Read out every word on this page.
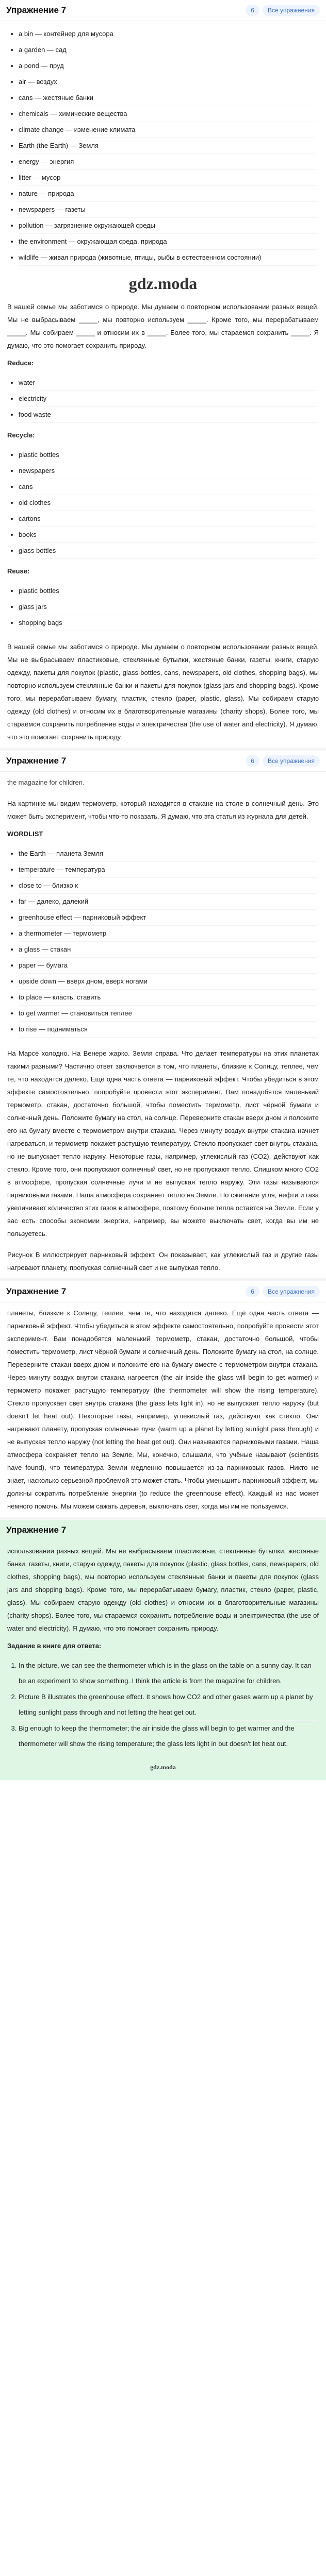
Упражнение 7	6	Все упражнения
• a bin — контейнер для мусора
• a garden — сад
• a pond — пруд
• air — воздух
• cans — жестяные банки
• chemicals — химические вещества
• climate change — изменение климата
• Earth (the Earth) — Земля
• energy — энергия
• litter — мусор
• nature — природа
• newspapers — газеты
• pollution — загрязнение окружающей среды
• the environment — окружающая среда, природа
• wildlife — живая природа (животные, птицы, рыбы в естественном состоянии)
gdz.moda
В нашей семье мы заботимся о природе. Мы думаем о повторном использовании разных вещей. Мы не выбрасываем _____, мы повторно используем _____. Кроме того, мы перерабатываем _____. Мы собираем _____ и относим их в _____. Более того, мы стараемся сохранить _____. Я думаю, что это помогает сохранить природу.
Reduce:
• water
• electricity
• food waste
Recycle:
• plastic bottles
• newspapers
• cans
• old clothes
• cartons
• books
• glass bottles
Reuse:
• plastic bottles
• glass jars
• shopping bags
В нашей семье мы заботимся о природе. Мы думаем о повторном использовании разных вещей. Мы не выбрасываем пластиковые, стеклянные бутылки, жестяные банки, газеты, книги, старую одежду, пакеты для покупок (plastic, glass bottles, cans, newspapers, old clothes, shopping bags), мы повторно используем стеклянные банки и пакеты для покупок (glass jars and shopping bags). Кроме того, мы перерабатываем бумагу, пластик, стекло (paper, plastic, glass). Мы собираем старую одежду (old clothes) и относим их в благотворительные магазины (charity shops). Более того, мы стараемся сохранить потребление воды и электричества (the use of water and electricity). Я думаю, что это помогает сохранить природу.
Упражнение 7	6	Все упражнения
the magazine for children.
На картинке мы видим термометр, который находится в стакане на столе в солнечный день. Это может быть эксперимент, чтобы что-то показать. Я думаю, что эта статья из журнала для детей.
WORDLIST
• the Earth — планета Земля
• temperature — температура
• close to — близко к
• far — далеко, далекий
• greenhouse effect — парниковый эффект
• a thermometer — термометр
• a glass — стакан
• paper — бумага
• upside down — вверх дном, вверх ногами
• to place — класть, ставить
• to get warmer — становиться теплее
• to rise — подниматься
На Марсе холодно. На Венере жарко. Земля справа. Что делает температуры на этих планетах такими разными? Частично ответ заключается в том, что планеты, близкие к Солнцу, теплее, чем те, что находятся далеко. Ещё одна часть ответа — парниковый эффект. Чтобы убедиться в этом эффекте самостоятельно, попробуйте провести этот эксперимент. Вам понадобятся маленький термометр, стакан, достаточно большой, чтобы поместить термометр, лист чёрной бумаги и солнечный день. Положите бумагу на стол, на солнце. Переверните стакан вверх дном и положите его на бумагу вместе с термометром внутри стакана. Через минуту воздух внутри стакана начнет нагреваться, и термометр покажет растущую температуру. Стекло пропускает свет внутрь стакана, но не выпускает тепло наружу. Некоторые газы, например, углекислый газ (CO2), действуют как стекло. Кроме того, они пропускают солнечный свет, но не пропускают тепло. Слишком много CO2 в атмосфере, пропуская солнечные лучи и не выпуская тепло наружу. Эти газы называются парниковыми газами. Наша атмосфера сохраняет тепло на Земле. Но сжигание угля, нефти и газа увеличивает количество этих газов в атмосфере, поэтому больше тепла остаётся на Земле. Если у вас есть способы экономии энергии, например, вы можете выключать свет, когда вы им не пользуетесь.
Рисунок В иллюстрирует парниковый эффект. Он показывает, как углекислый газ и другие газы нагревают планету, пропуская солнечный свет и не выпуская тепло.
Упражнение 7	6	Все упражнения
планеты, близкие к Солнцу, теплее, чем те, что находятся далеко. Ещё одна часть ответа — парниковый эффект. Чтобы убедиться в этом эффекте самостоятельно, попробуйте провести этот эксперимент. Вам понадобятся маленький термометр, стакан, достаточно большой, чтобы поместить термометр, лист чёрной бумаги и солнечный день. Положите бумагу на стол, на солнце. Переверните стакан вверх дном и положите его на бумагу вместе с термометром внутри стакана. Через минуту воздух внутри стакана нагреется (the air inside the glass will begin to get warmer) и термометр покажет растущую температуру (the thermometer will show the rising temperature). Стекло пропускает свет внутрь стакана (the glass lets light in), но не выпускает тепло наружу (but doesn't let heat out). Некоторые газы, например, углекислый газ, действуют как стекло. Они нагревают планету, пропуская солнечные лучи (warm up a planet by letting sunlight pass through) и не выпуская тепло наружу (not letting the heat get out). Они называются парниковыми газами. Наша атмосфера сохраняет тепло на Земле. Мы, конечно, слышали, что учёные называют (scientists have found), что температура Земли медленно повышается из-за парниковых газов. Никто не знает, насколько серьезной проблемой это может стать. Чтобы уменьшить парниковый эффект, мы должны сократить потребление энергии (to reduce the greenhouse effect). Каждый из нас может немного помочь. Мы можем сажать деревья, выключать свет, когда мы им не пользуемся.
Упражнение 7
использовании разных вещей. Мы не выбрасываем пластиковые, стеклянные бутылки, жестяные банки, газеты, книги, старую одежду, пакеты для покупок (plastic, glass bottles, cans, newspapers, old clothes, shopping bags), мы повторно используем стеклянные банки и пакеты для покупок (glass jars and shopping bags). Кроме того, мы перерабатываем бумагу, пластик, стекло (paper, plastic, glass). Мы собираем старую одежду (old clothes) и относим их в благотворительные магазины (charity shops). Более того, мы стараемся сохранить потребление воды и электричества (the use of water and electricity). Я думаю, что это помогает сохранить природу.
Задание в книге для ответа:
1. In the picture, we can see the thermometer which is in the glass on the table on a sunny day. It can be an experiment to show something. I think the article is from the magazine for children.
2. Picture B illustrates the greenhouse effect. It shows how CO2 and other gases warm up a planet by letting sunlight pass through and not letting the heat get out.
3. Big enough to keep the thermometer; the air inside the glass will begin to get warmer and the thermometer will show the rising temperature; the glass lets light in but doesn't let heat out.
gdz.moda
